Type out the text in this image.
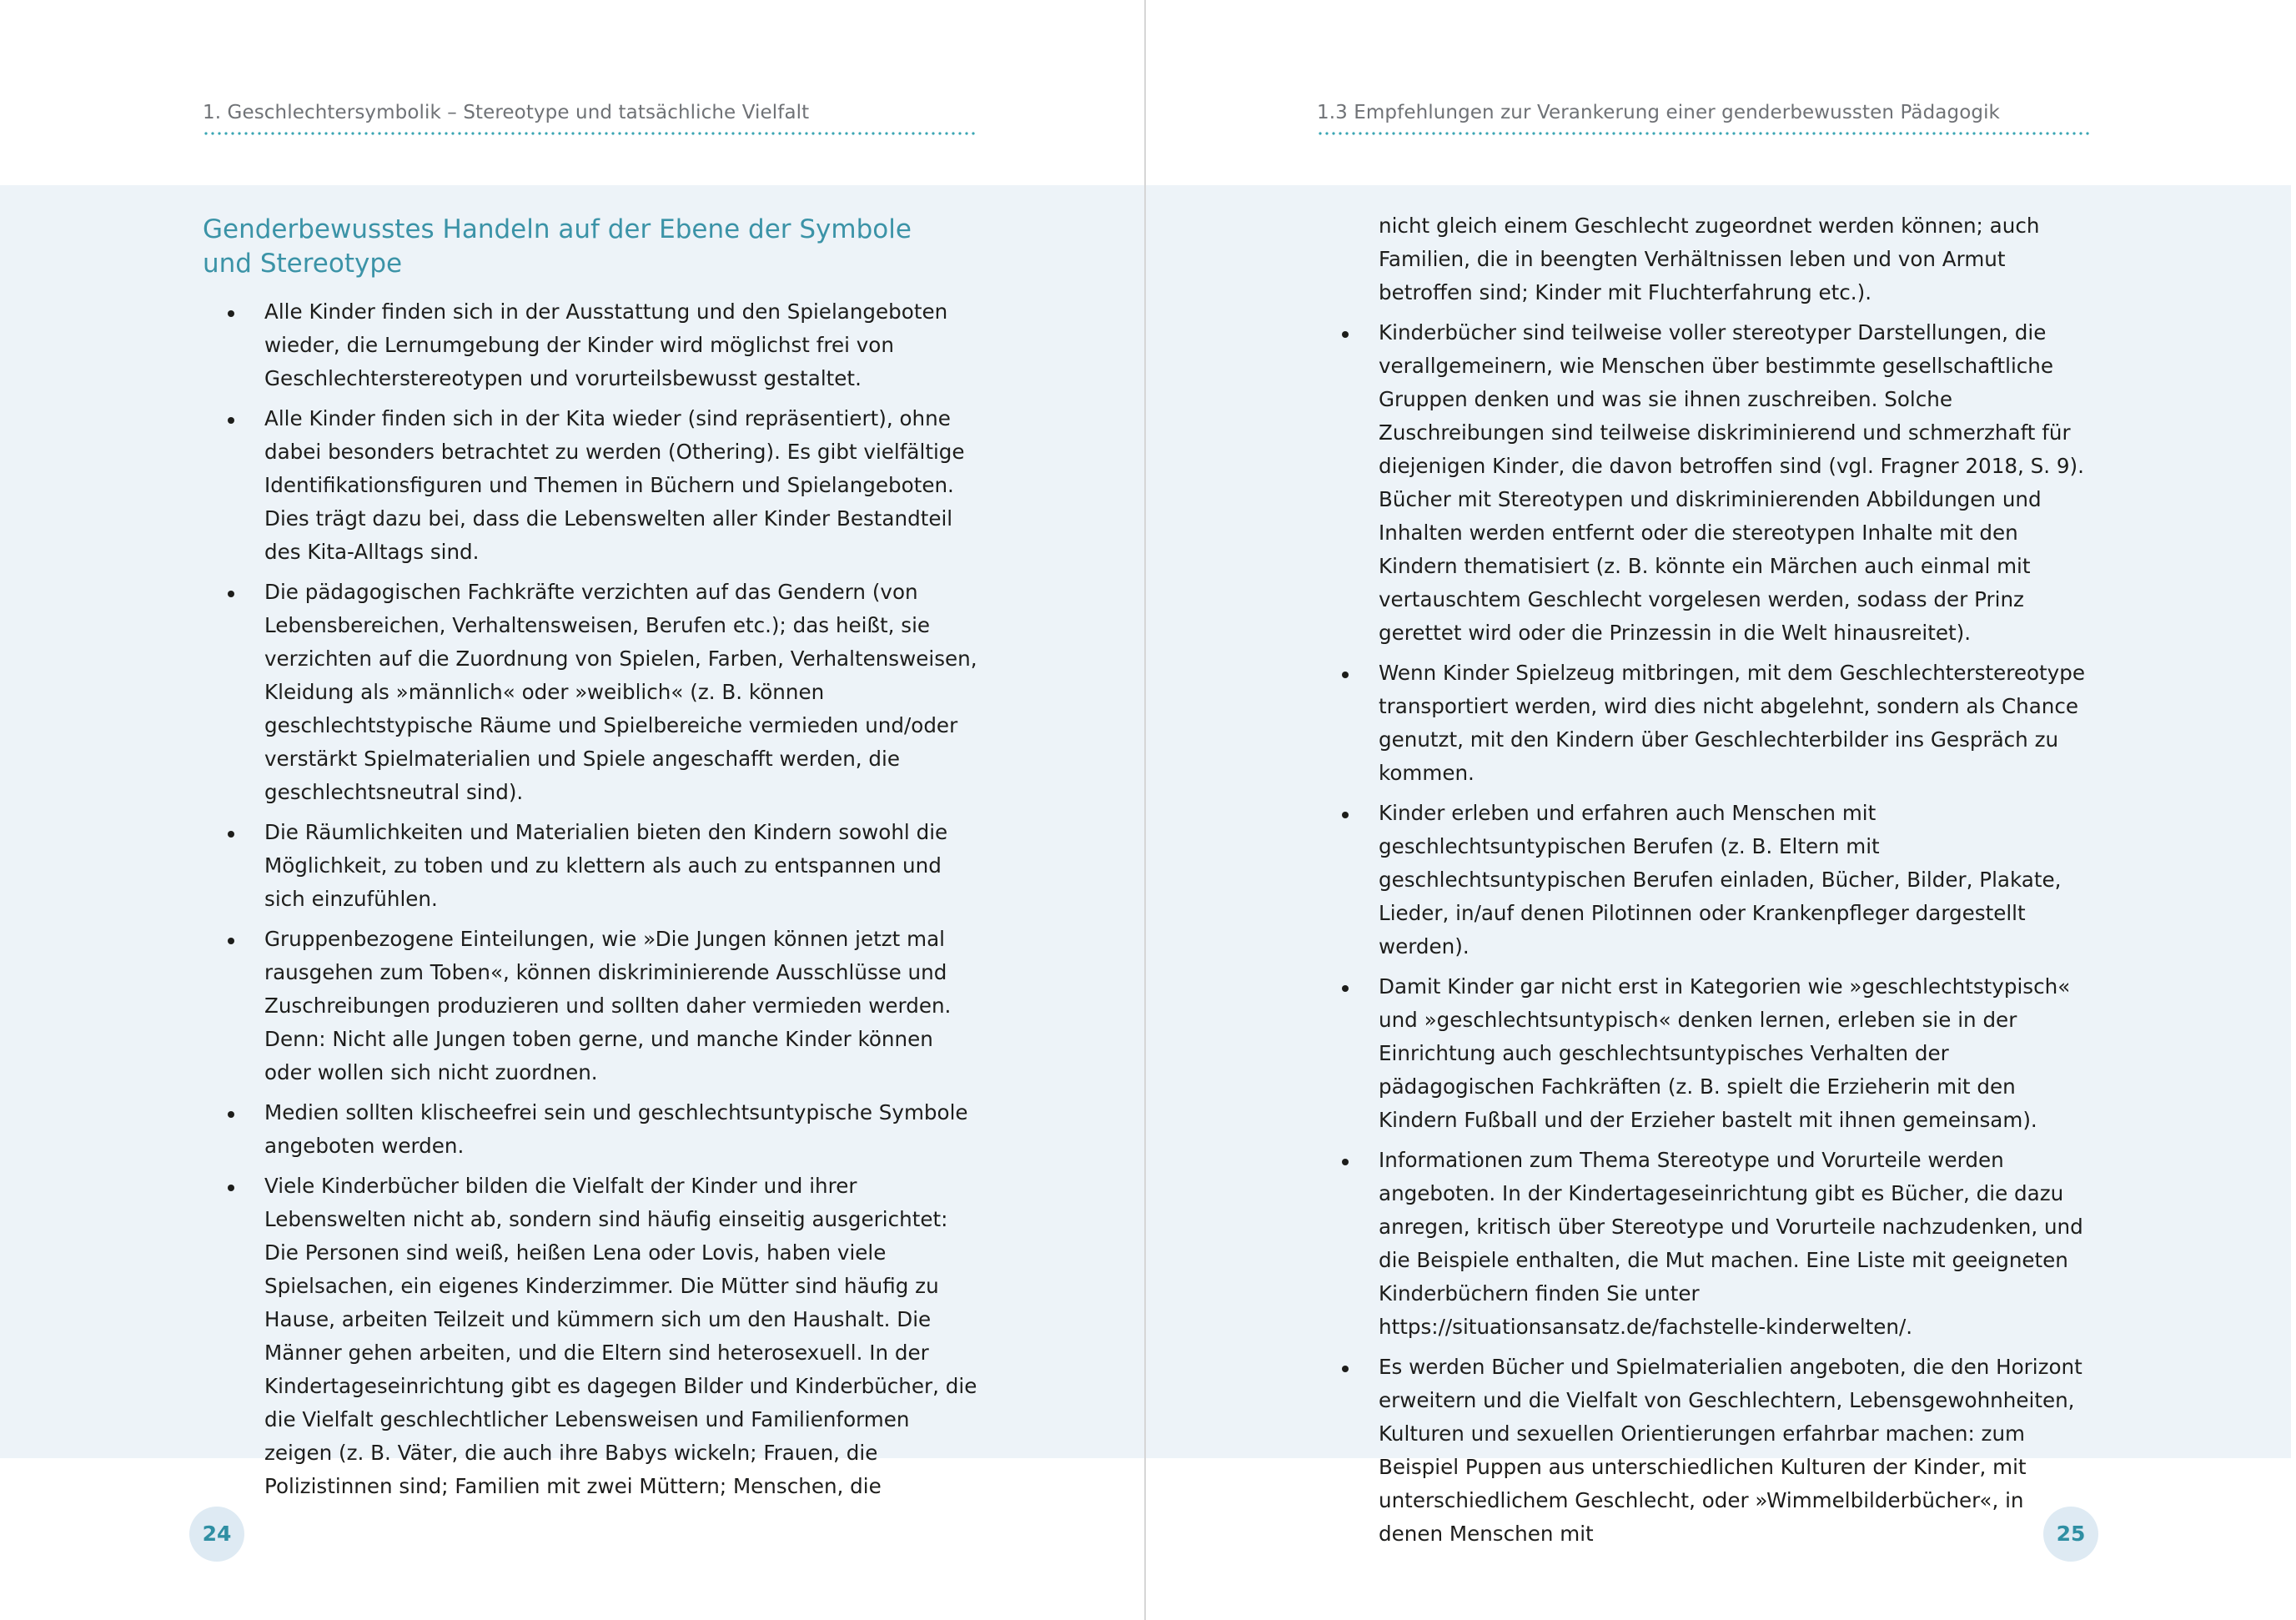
1. Geschlechtersymbolik – Stereotype und tatsächliche Vielfalt
Genderbewusstes Handeln auf der Ebene der Symbole
und Stereotype
Alle Kinder finden sich in der Ausstattung und den Spielangeboten wieder, die Lernumgebung der Kinder wird möglichst frei von Geschlechterstereotypen und vorurteilsbewusst gestaltet.
Alle Kinder finden sich in der Kita wieder (sind repräsentiert), ohne dabei besonders betrachtet zu werden (Othering). Es gibt vielfältige Identifikationsfiguren und Themen in Büchern und Spielangeboten. Dies trägt dazu bei, dass die Lebenswelten aller Kinder Bestandteil des Kita-Alltags sind.
Die pädagogischen Fachkräfte verzichten auf das Gendern (von Lebensbereichen, Verhaltensweisen, Berufen etc.); das heißt, sie verzichten auf die Zuordnung von Spielen, Farben, Verhaltensweisen, Kleidung als »männlich« oder »weiblich« (z. B. können geschlechtstypische Räume und Spielbereiche vermieden und/oder verstärkt Spielmaterialien und Spiele angeschafft werden, die geschlechtsneutral sind).
Die Räumlichkeiten und Materialien bieten den Kindern sowohl die Möglichkeit, zu toben und zu klettern als auch zu entspannen und sich einzufühlen.
Gruppenbezogene Einteilungen, wie »Die Jungen können jetzt mal rausgehen zum Toben«, können diskriminierende Ausschlüsse und Zuschreibungen produzieren und sollten daher vermieden werden. Denn: Nicht alle Jungen toben gerne, und manche Kinder können oder wollen sich nicht zuordnen.
Medien sollten klischeefrei sein und geschlechtsuntypische Symbole angeboten werden.
Viele Kinderbücher bilden die Vielfalt der Kinder und ihrer Lebenswelten nicht ab, sondern sind häufig einseitig ausgerichtet: Die Personen sind weiß, heißen Lena oder Lovis, haben viele Spielsachen, ein eigenes Kinderzimmer. Die Mütter sind häufig zu Hause, arbeiten Teilzeit und kümmern sich um den Haushalt. Die Männer gehen arbeiten, und die Eltern sind heterosexuell. In der Kindertageseinrichtung gibt es dagegen Bilder und Kinderbücher, die die Vielfalt geschlechtlicher Lebensweisen und Familienformen zeigen (z. B. Väter, die auch ihre Babys wickeln; Frauen, die Polizistinnen sind; Familien mit zwei Müttern; Menschen, die
24
1.3 Empfehlungen zur Verankerung einer genderbewussten Pädagogik
nicht gleich einem Geschlecht zugeordnet werden können; auch Familien, die in beengten Verhältnissen leben und von Armut betroffen sind; Kinder mit Fluchterfahrung etc.).
Kinderbücher sind teilweise voller stereotyper Darstellungen, die verallgemeinern, wie Menschen über bestimmte gesellschaftliche Gruppen denken und was sie ihnen zuschreiben. Solche Zuschreibungen sind teilweise diskriminierend und schmerzhaft für diejenigen Kinder, die davon betroffen sind (vgl. Fragner 2018, S. 9). Bücher mit Stereotypen und diskriminierenden Abbildungen und Inhalten werden entfernt oder die stereotypen Inhalte mit den Kindern thematisiert (z. B. könnte ein Märchen auch einmal mit vertauschtem Geschlecht vorgelesen werden, sodass der Prinz gerettet wird oder die Prinzessin in die Welt hinausreitet).
Wenn Kinder Spielzeug mitbringen, mit dem Geschlechterstereotype transportiert werden, wird dies nicht abgelehnt, sondern als Chance genutzt, mit den Kindern über Geschlechterbilder ins Gespräch zu kommen.
Kinder erleben und erfahren auch Menschen mit geschlechtsuntypischen Berufen (z. B. Eltern mit geschlechtsuntypischen Berufen einladen, Bücher, Bilder, Plakate, Lieder, in/auf denen Pilotinnen oder Krankenpfleger dargestellt werden).
Damit Kinder gar nicht erst in Kategorien wie »geschlechtstypisch« und »geschlechtsuntypisch« denken lernen, erleben sie in der Einrichtung auch geschlechtsuntypisches Verhalten der pädagogischen Fachkräften (z. B. spielt die Erzieherin mit den Kindern Fußball und der Erzieher bastelt mit ihnen gemeinsam).
Informationen zum Thema Stereotype und Vorurteile werden angeboten. In der Kindertageseinrichtung gibt es Bücher, die dazu anregen, kritisch über Stereotype und Vorurteile nachzudenken, und die Beispiele enthalten, die Mut machen. Eine Liste mit geeigneten Kinderbüchern finden Sie unter https://situationsansatz.de/fachstelle-kinderwelten/.
Es werden Bücher und Spielmaterialien angeboten, die den Horizont erweitern und die Vielfalt von Geschlechtern, Lebensgewohnheiten, Kulturen und sexuellen Orientierungen erfahrbar machen: zum Beispiel Puppen aus unterschiedlichen Kulturen der Kinder, mit unterschiedlichem Geschlecht, oder »Wimmelbilderbücher«, in denen Menschen mit	25
